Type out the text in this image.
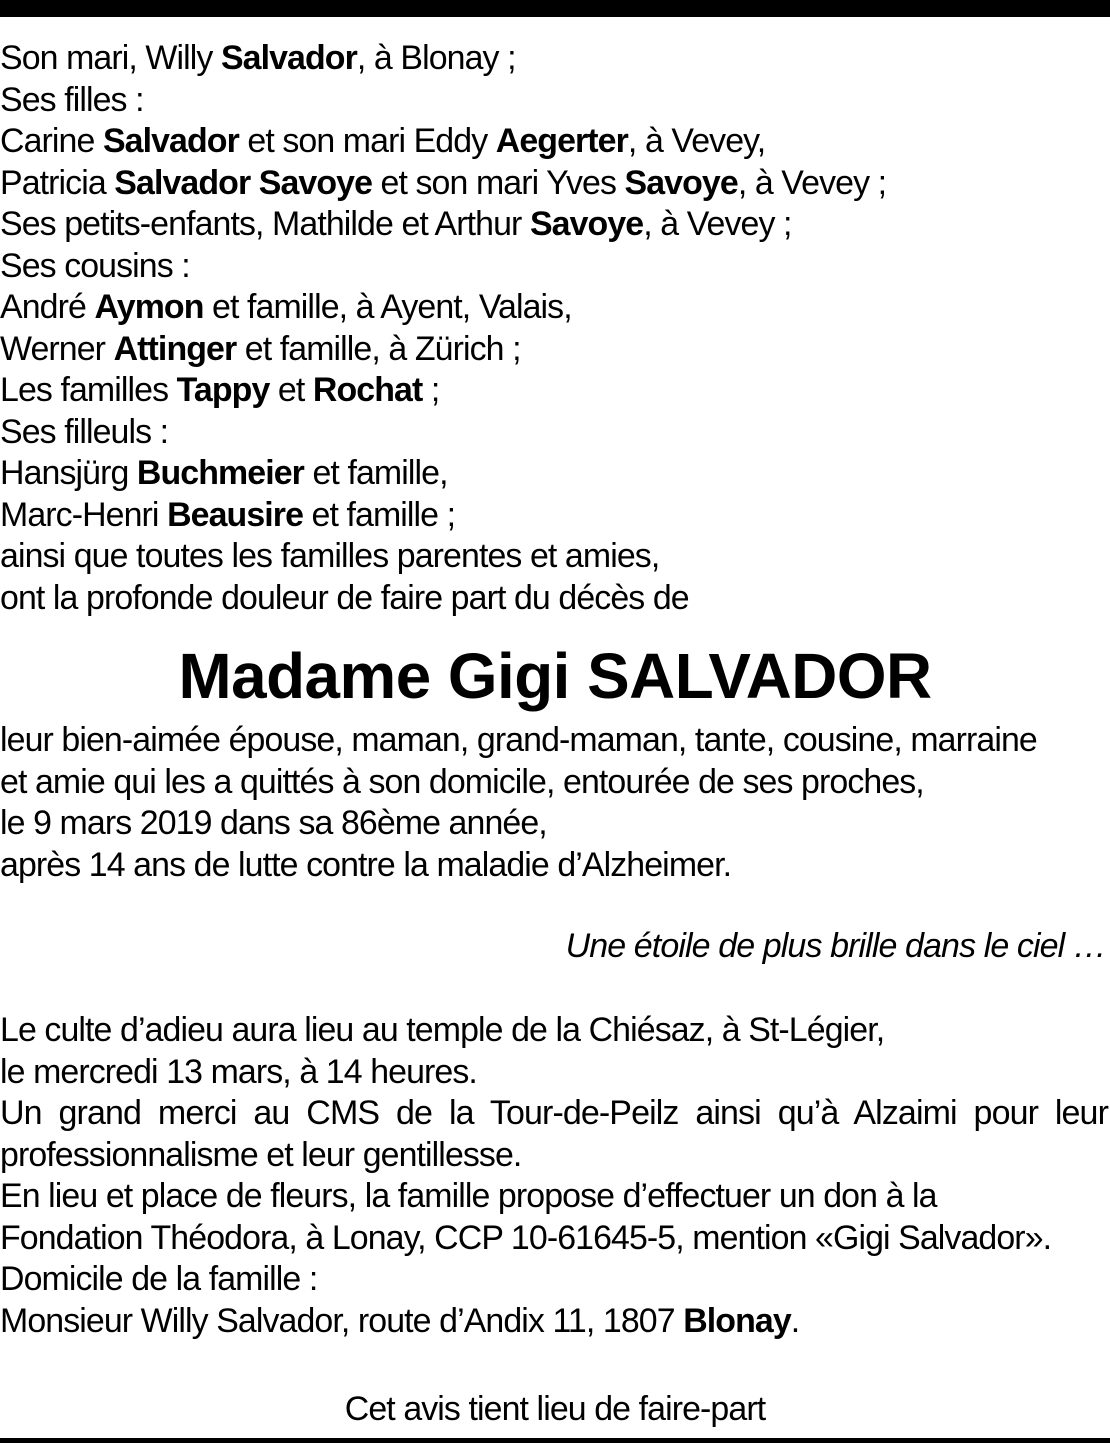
Son mari, Willy Salvador, à Blonay ;
Ses filles :
Carine Salvador et son mari Eddy Aegerter, à Vevey,
Patricia Salvador Savoye et son mari Yves Savoye, à Vevey ;
Ses petits-enfants, Mathilde et Arthur Savoye, à Vevey ;
Ses cousins :
André Aymon et famille, à Ayent, Valais,
Werner Attinger et famille, à Zürich ;
Les familles Tappy et Rochat ;
Ses filleuls :
Hansjürg Buchmeier et famille,
Marc-Henri Beausire et famille ;
ainsi que toutes les familles parentes et amies,
ont la profonde douleur de faire part du décès de
Madame Gigi SALVADOR
leur bien-aimée épouse, maman, grand-maman, tante, cousine, marraine
et amie qui les a quittés à son domicile, entourée de ses proches,
le 9 mars 2019 dans sa 86ème année,
après 14 ans de lutte contre la maladie d’Alzheimer.
Une étoile de plus brille dans le ciel …
Le culte d’adieu aura lieu au temple de la Chiésaz, à St-Légier,
le mercredi 13 mars, à 14 heures.
Un grand merci au CMS de la Tour-de-Peilz ainsi qu’à Alzaimi pour leur
professionnalisme et leur gentillesse.
En lieu et place de fleurs, la famille propose d’effectuer un don à la
Fondation Théodora, à Lonay, CCP 10-61645-5, mention «Gigi Salvador».
Domicile de la famille :
Monsieur Willy Salvador, route d’Andix 11, 1807 Blonay.
Cet avis tient lieu de faire-part
